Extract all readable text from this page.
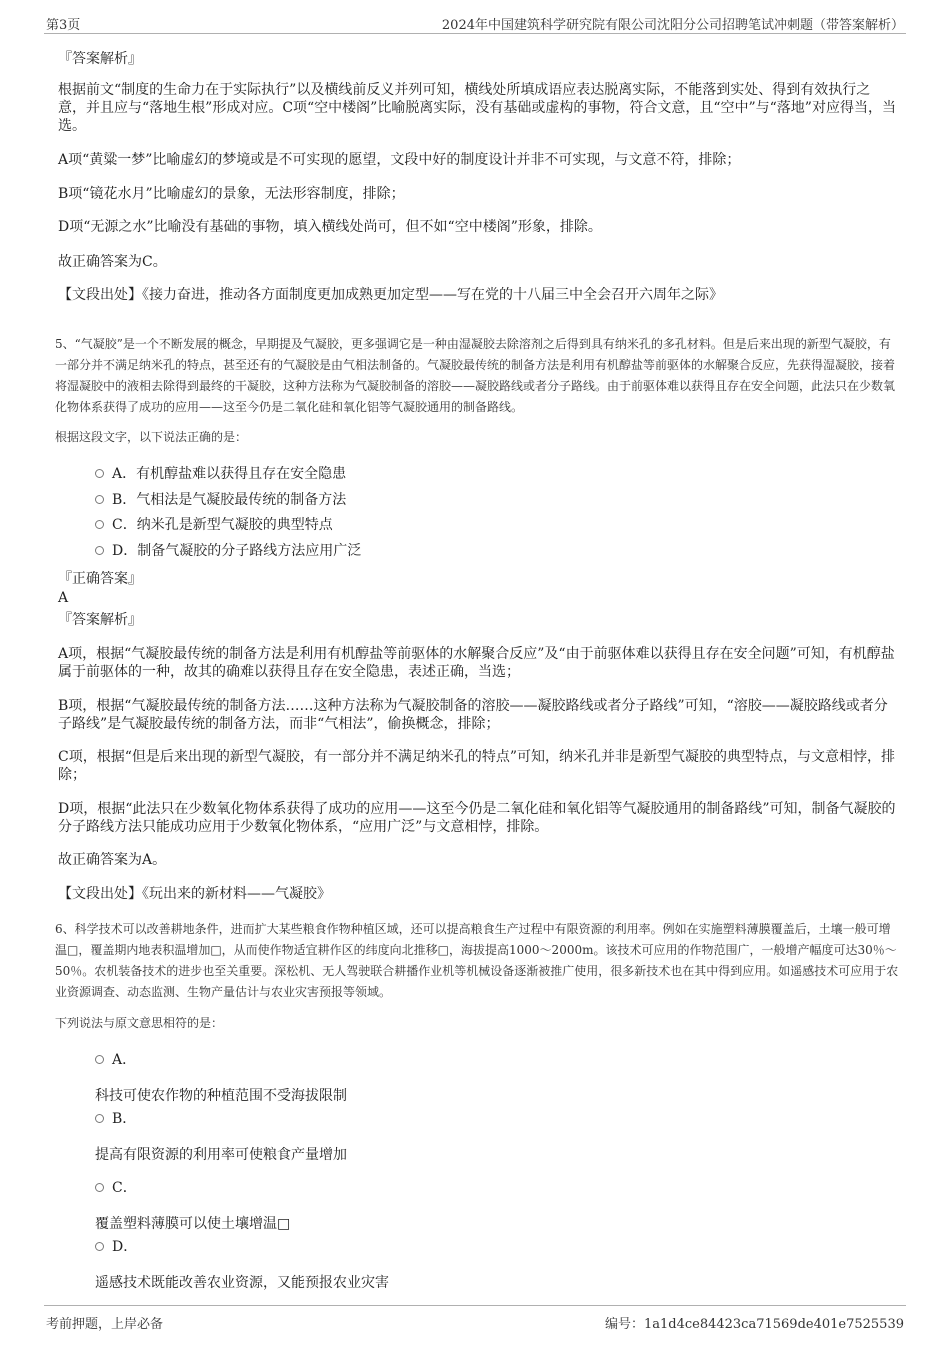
第3页	2024年中国建筑科学研究院有限公司沈阳分公司招聘笔试冲刺题（带答案解析）
『答案解析』
根据前文“制度的生命力在于实际执行”以及横线前反义并列可知，横线处所填成语应表达脱离实际，不能落到实处、得到有效执行之意，并且应与“落地生根”形成对应。C项“空中楼阁”比喻脱离实际，没有基础或虚构的事物，符合文意，且“空中”与“落地”对应得当，当选。
A项“黄粱一梦”比喻虚幻的梦境或是不可实现的愿望，文段中好的制度设计并非不可实现，与文意不符，排除；
B项“镜花水月”比喻虚幻的景象，无法形容制度，排除；
D项“无源之水”比喻没有基础的事物，填入横线处尚可，但不如“空中楼阁”形象，排除。
故正确答案为C。
【文段出处】《接力奋进，推动各方面制度更加成熟更加定型——写在党的十八届三中全会召开六周年之际》
5、“气凝胶”是一个不断发展的概念，早期提及气凝胶，更多强调它是一种由湿凝胶去除溶剂之后得到具有纳米孔的多孔材料。但是后来出现的新型气凝胶，有一部分并不满足纳米孔的特点，甚至还有的气凝胶是由气相法制备的。气凝胶最传统的制备方法是利用有机醇盐等前驱体的水解聚合反应，先获得湿凝胶，接着将湿凝胶中的液相去除得到最终的干凝胶，这种方法称为气凝胶制备的溶胶——凝胶路线或者分子路线。由于前驱体难以获得且存在安全问题，此法只在少数氧化物体系获得了成功的应用——这至今仍是二氧化硅和氧化铝等气凝胶通用的制备路线。
根据这段文字，以下说法正确的是：
A．有机醇盐难以获得且存在安全隐患
B．气相法是气凝胶最传统的制备方法
C．纳米孔是新型气凝胶的典型特点
D．制备气凝胶的分子路线方法应用广泛
『正确答案』
A
『答案解析』
A项，根据“气凝胶最传统的制备方法是利用有机醇盐等前驱体的水解聚合反应”及“由于前驱体难以获得且存在安全问题”可知，有机醇盐属于前驱体的一种，故其的确难以获得且存在安全隐患，表述正确，当选；
B项，根据“气凝胶最传统的制备方法……这种方法称为气凝胶制备的溶胶——凝胶路线或者分子路线”可知，“溶胶——凝胶路线或者分子路线”是气凝胶最传统的制备方法，而非“气相法”，偷换概念，排除；
C项，根据“但是后来出现的新型气凝胶，有一部分并不满足纳米孔的特点”可知，纳米孔并非是新型气凝胶的典型特点，与文意相悖，排除；
D项，根据“此法只在少数氧化物体系获得了成功的应用——这至今仍是二氧化硅和氧化铝等气凝胶通用的制备路线”可知，制备气凝胶的分子路线方法只能成功应用于少数氧化物体系，“应用广泛”与文意相悖，排除。
故正确答案为A。
【文段出处】《玩出来的新材料——气凝胶》
6、科学技术可以改善耕地条件，进而扩大某些粮食作物种植区域，还可以提高粮食生产过程中有限资源的利用率。例如在实施塑料薄膜覆盖后，土壤一般可增温□，覆盖期内地表积温增加□，从而使作物适宜耕作区的纬度向北推移□，海拔提高1000～2000m。该技术可应用的作物范围广，一般增产幅度可达30％～50％。农机装备技术的进步也至关重要。深松机、无人驾驶联合耕播作业机等机械设备逐渐被推广使用，很多新技术也在其中得到应用。如遥感技术可应用于农业资源调查、动态监测、生物产量估计与农业灾害预报等领域。
下列说法与原文意思相符的是：
A．
科技可使农作物的种植范围不受海拔限制
B．
提高有限资源的利用率可使粮食产量增加
C．
覆盖塑料薄膜可以使土壤增温□
D．
遥感技术既能改善农业资源，又能预报农业灾害
考前押题，上岸必备	编号：1a1d4ce84423ca71569de401e7525539
